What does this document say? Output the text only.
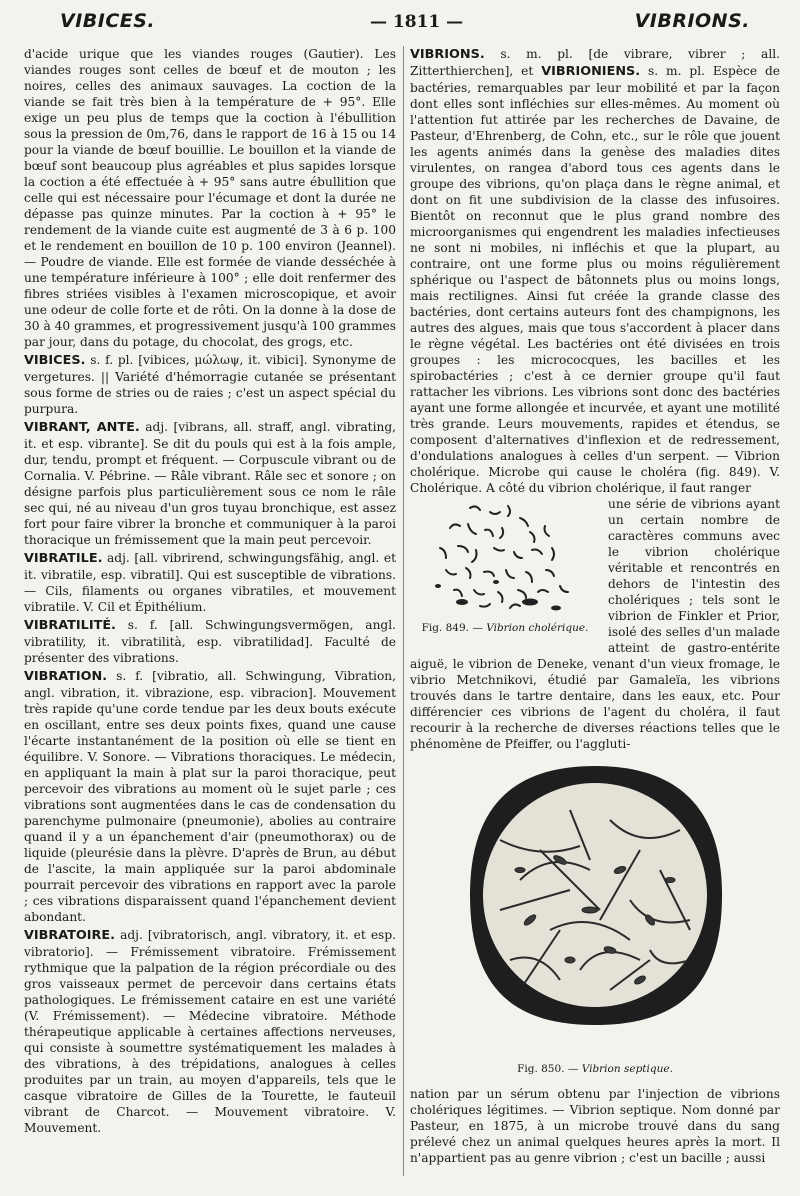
VIBICES.	— 1811 —	VIBRIONS.

d'acide urique que les viandes rouges (Gautier). Les viandes rouges sont celles de bœuf et de mouton ; les noires, celles des animaux sauvages. La coction de la viande se fait très bien à la température de + 95°. Elle exige un peu plus de temps que la coction à l'ébullition sous la pression de 0m,76, dans le rapport de 16 à 15 ou 14 pour la viande de bœuf bouillie. Le bouillon et la viande de bœuf sont beaucoup plus agréables et plus sapides lorsque la coction a été effectuée à + 95° sans autre ébullition que celle qui est nécessaire pour l'écumage et dont la durée ne dépasse pas quinze minutes. Par la coction à + 95° le rendement de la viande cuite est augmenté de 3 à 6 p. 100 et le rendement en bouillon de 10 p. 100 environ (Jeannel). — Poudre de viande. Elle est formée de viande desséchée à une température inférieure à 100° ; elle doit renfermer des fibres striées visibles à l'examen microscopique, et avoir une odeur de colle forte et de rôti. On la donne à la dose de 30 à 40 grammes, et progressivement jusqu'à 100 grammes par jour, dans du potage, du chocolat, des grogs, etc.

VIBICES. s. f. pl. [vibices, μώλωψ, it. vibici]. Synonyme de vergetures. || Variété d'hémorragie cutanée se présentant sous forme de stries ou de raies ; c'est un aspect spécial du purpura.

VIBRANT, ANTE. adj. [vibrans, all. straff, angl. vibrating, it. et esp. vibrante]. Se dit du pouls qui est à la fois ample, dur, tendu, prompt et fréquent. — Corpuscule vibrant ou de Cornalia. V. Pébrine. — Râle vibrant. Râle sec et sonore ; on désigne parfois plus particulièrement sous ce nom le râle sec qui, né au niveau d'un gros tuyau bronchique, est assez fort pour faire vibrer la bronche et communiquer à la paroi thoracique un frémissement que la main peut percevoir.

VIBRATILE. adj. [all. vibrirend, schwingungsfähig, angl. et it. vibratile, esp. vibratil]. Qui est susceptible de vibrations. — Cils, filaments ou organes vibratiles, et mouvement vibratile. V. Cil et Épithélium.

VIBRATILITÉ. s. f. [all. Schwingungsvermögen, angl. vibratility, it. vibratilità, esp. vibratilidad]. Faculté de présenter des vibrations.

VIBRATION. s. f. [vibratio, all. Schwingung, Vibration, angl. vibration, it. vibrazione, esp. vibracion]. Mouvement très rapide qu'une corde tendue par les deux bouts exécute en oscillant, entre ses deux points fixes, quand une cause l'écarte instantanément de la position où elle se tient en équilibre. V. Sonore. — Vibrations thoraciques. Le médecin, en appliquant la main à plat sur la paroi thoracique, peut percevoir des vibrations au moment où le sujet parle ; ces vibrations sont augmentées dans le cas de condensation du parenchyme pulmonaire (pneumonie), abolies au contraire quand il y a un épanchement d'air (pneumothorax) ou de liquide (pleurésie dans la plèvre. D'après de Brun, au début de l'ascite, la main appliquée sur la paroi abdominale pourrait percevoir des vibrations en rapport avec la parole ; ces vibrations disparaissent quand l'épanchement devient abondant.

VIBRATOIRE. adj. [vibratorisch, angl. vibratory, it. et esp. vibratorio]. — Frémissement vibratoire. Frémissement rythmique que la palpation de la région précordiale ou des gros vaisseaux permet de percevoir dans certains états pathologiques. Le frémissement cataire en est une variété (V. Frémissement). — Médecine vibratoire. Méthode thérapeutique applicable à certaines affections nerveuses, qui consiste à soumettre systématiquement les malades à des vibrations, à des trépidations, analogues à celles produites par un train, au moyen d'appareils, tels que le casque vibratoire de Gilles de la Tourette, le fauteuil vibrant de Charcot. — Mouvement vibratoire. V. Mouvement.

VIBRIONS. s. m. pl. [de vibrare, vibrer ; all. Zitterthierchen], et VIBRIONIENS. s. m. pl. Espèce de bactéries, remarquables par leur mobilité et par la façon dont elles sont infléchies sur elles-mêmes. Au moment où l'attention fut attirée par les recherches de Davaine, de Pasteur, d'Ehrenberg, de Cohn, etc., sur le rôle que jouent les agents animés dans la genèse des maladies dites virulentes, on rangea d'abord tous ces agents dans le groupe des vibrions, qu'on plaça dans le règne animal, et dont on fit une subdivision de la classe des infusoires. Bientôt on reconnut que le plus grand nombre des microorganismes qui engendrent les maladies infectieuses ne sont ni mobiles, ni infléchis et que la plupart, au contraire, ont une forme plus ou moins régulièrement sphérique ou l'aspect de bâtonnets plus ou moins longs, mais rectilignes. Ainsi fut créée la grande classe des bactéries, dont certains auteurs font des champignons, les autres des algues, mais que tous s'accordent à placer dans le règne végétal. Les bactéries ont été divisées en trois groupes : les micrococques, les bacilles et les spirobactéries ; c'est à ce dernier groupe qu'il faut rattacher les vibrions. Les vibrions sont donc des bactéries ayant une forme allongée et incurvée, et ayant une motilité très grande. Leurs mouvements, rapides et étendus, se composent d'alternatives d'inflexion et de redressement, d'ondulations analogues à celles d'un serpent. — Vibrion cholérique. Microbe qui cause le choléra (fig. 849). V. Cholérique. A côté du vibrion cholérique, il faut ranger

Fig. 849. — Vibrion cholérique.

une série de vibrions ayant un certain nombre de caractères communs avec le vibrion cholérique véritable et rencontrés en dehors de l'intestin des cholériques ; tels sont le vibrion de Finkler et Prior, isolé des selles d'un malade atteint de gastro-entérite aiguë, le vibrion de Deneke, venant d'un vieux fromage, le vibrio Metchnikovi, étudié par Gamaleïa, les vibrions trouvés dans le tartre dentaire, dans les eaux, etc. Pour différencier ces vibrions de l'agent du choléra, il faut recourir à la recherche de diverses réactions telles que le phénomène de Pfeiffer, ou l'aggluti-

Fig. 850. — Vibrion septique.

nation par un sérum obtenu par l'injection de vibrions cholériques légitimes. — Vibrion septique. Nom donné par Pasteur, en 1875, à un microbe trouvé dans du sang prélevé chez un animal quelques heures après la mort. Il n'appartient pas au genre vibrion ; c'est un bacille ; aussi
